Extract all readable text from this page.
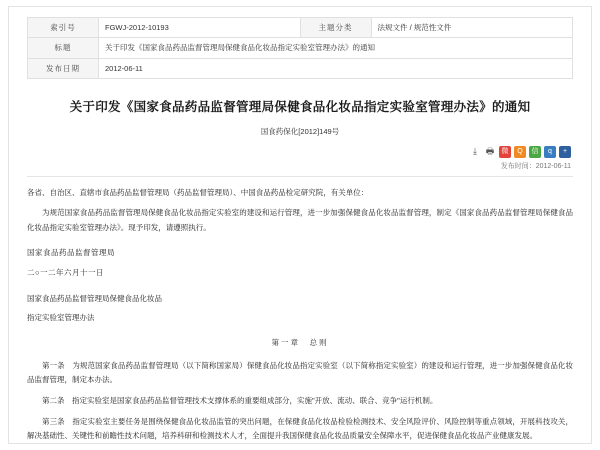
索引号	FGWJ-2012-10193	主题分类	法规文件 / 规范性文件
标题	关于印发《国家食品药品监督管理局保健食品化妆品指定实验室管理办法》的通知		
发布日期	2012-06-11		
关于印发《国家食品药品监督管理局保健食品化妆品指定实验室管理办法》的通知
国食药保化[2012]149号
⤓ 🖶	微	Q	信	q	+
发布时间：2012-06-11

各省、自治区、直辖市食品药品监督管理局（药品监督管理局）、中国食品药品检定研究院，有关单位：

为规范国家食品药品监督管理局保健食品化妆品指定实验室的建设和运行管理，进一步加强保健食品化妆品监督管理，制定《国家食品药品监督管理局保健食品化妆品指定实验室管理办法》。现予印发，请遵照执行。

国家食品药品监督管理局

二○一二年六月十一日

国家食品药品监督管理局保健食品化妆品

指定实验室管理办法

第一章　总则

第一条　为规范国家食品药品监督管理局（以下简称国家局）保健食品化妆品指定实验室（以下简称指定实验室）的建设和运行管理，进一步加强保健食品化妆品监督管理，制定本办法。

第二条　指定实验室是国家食品药品监督管理技术支撑体系的重要组成部分，实施"开放、流动、联合、竞争"运行机制。

第三条　指定实验室主要任务是围绕保健食品化妆品监管的突出问题，在保健食品化妆品检验检测技术、安全风险评价、风险控制等重点领域，开展科技攻关，解决基础性、关键性和前瞻性技术问题，培养科研和检测技术人才，全面提升我国保健食品化妆品质量安全保障水平，促进保健食品化妆品产业健康发展。
